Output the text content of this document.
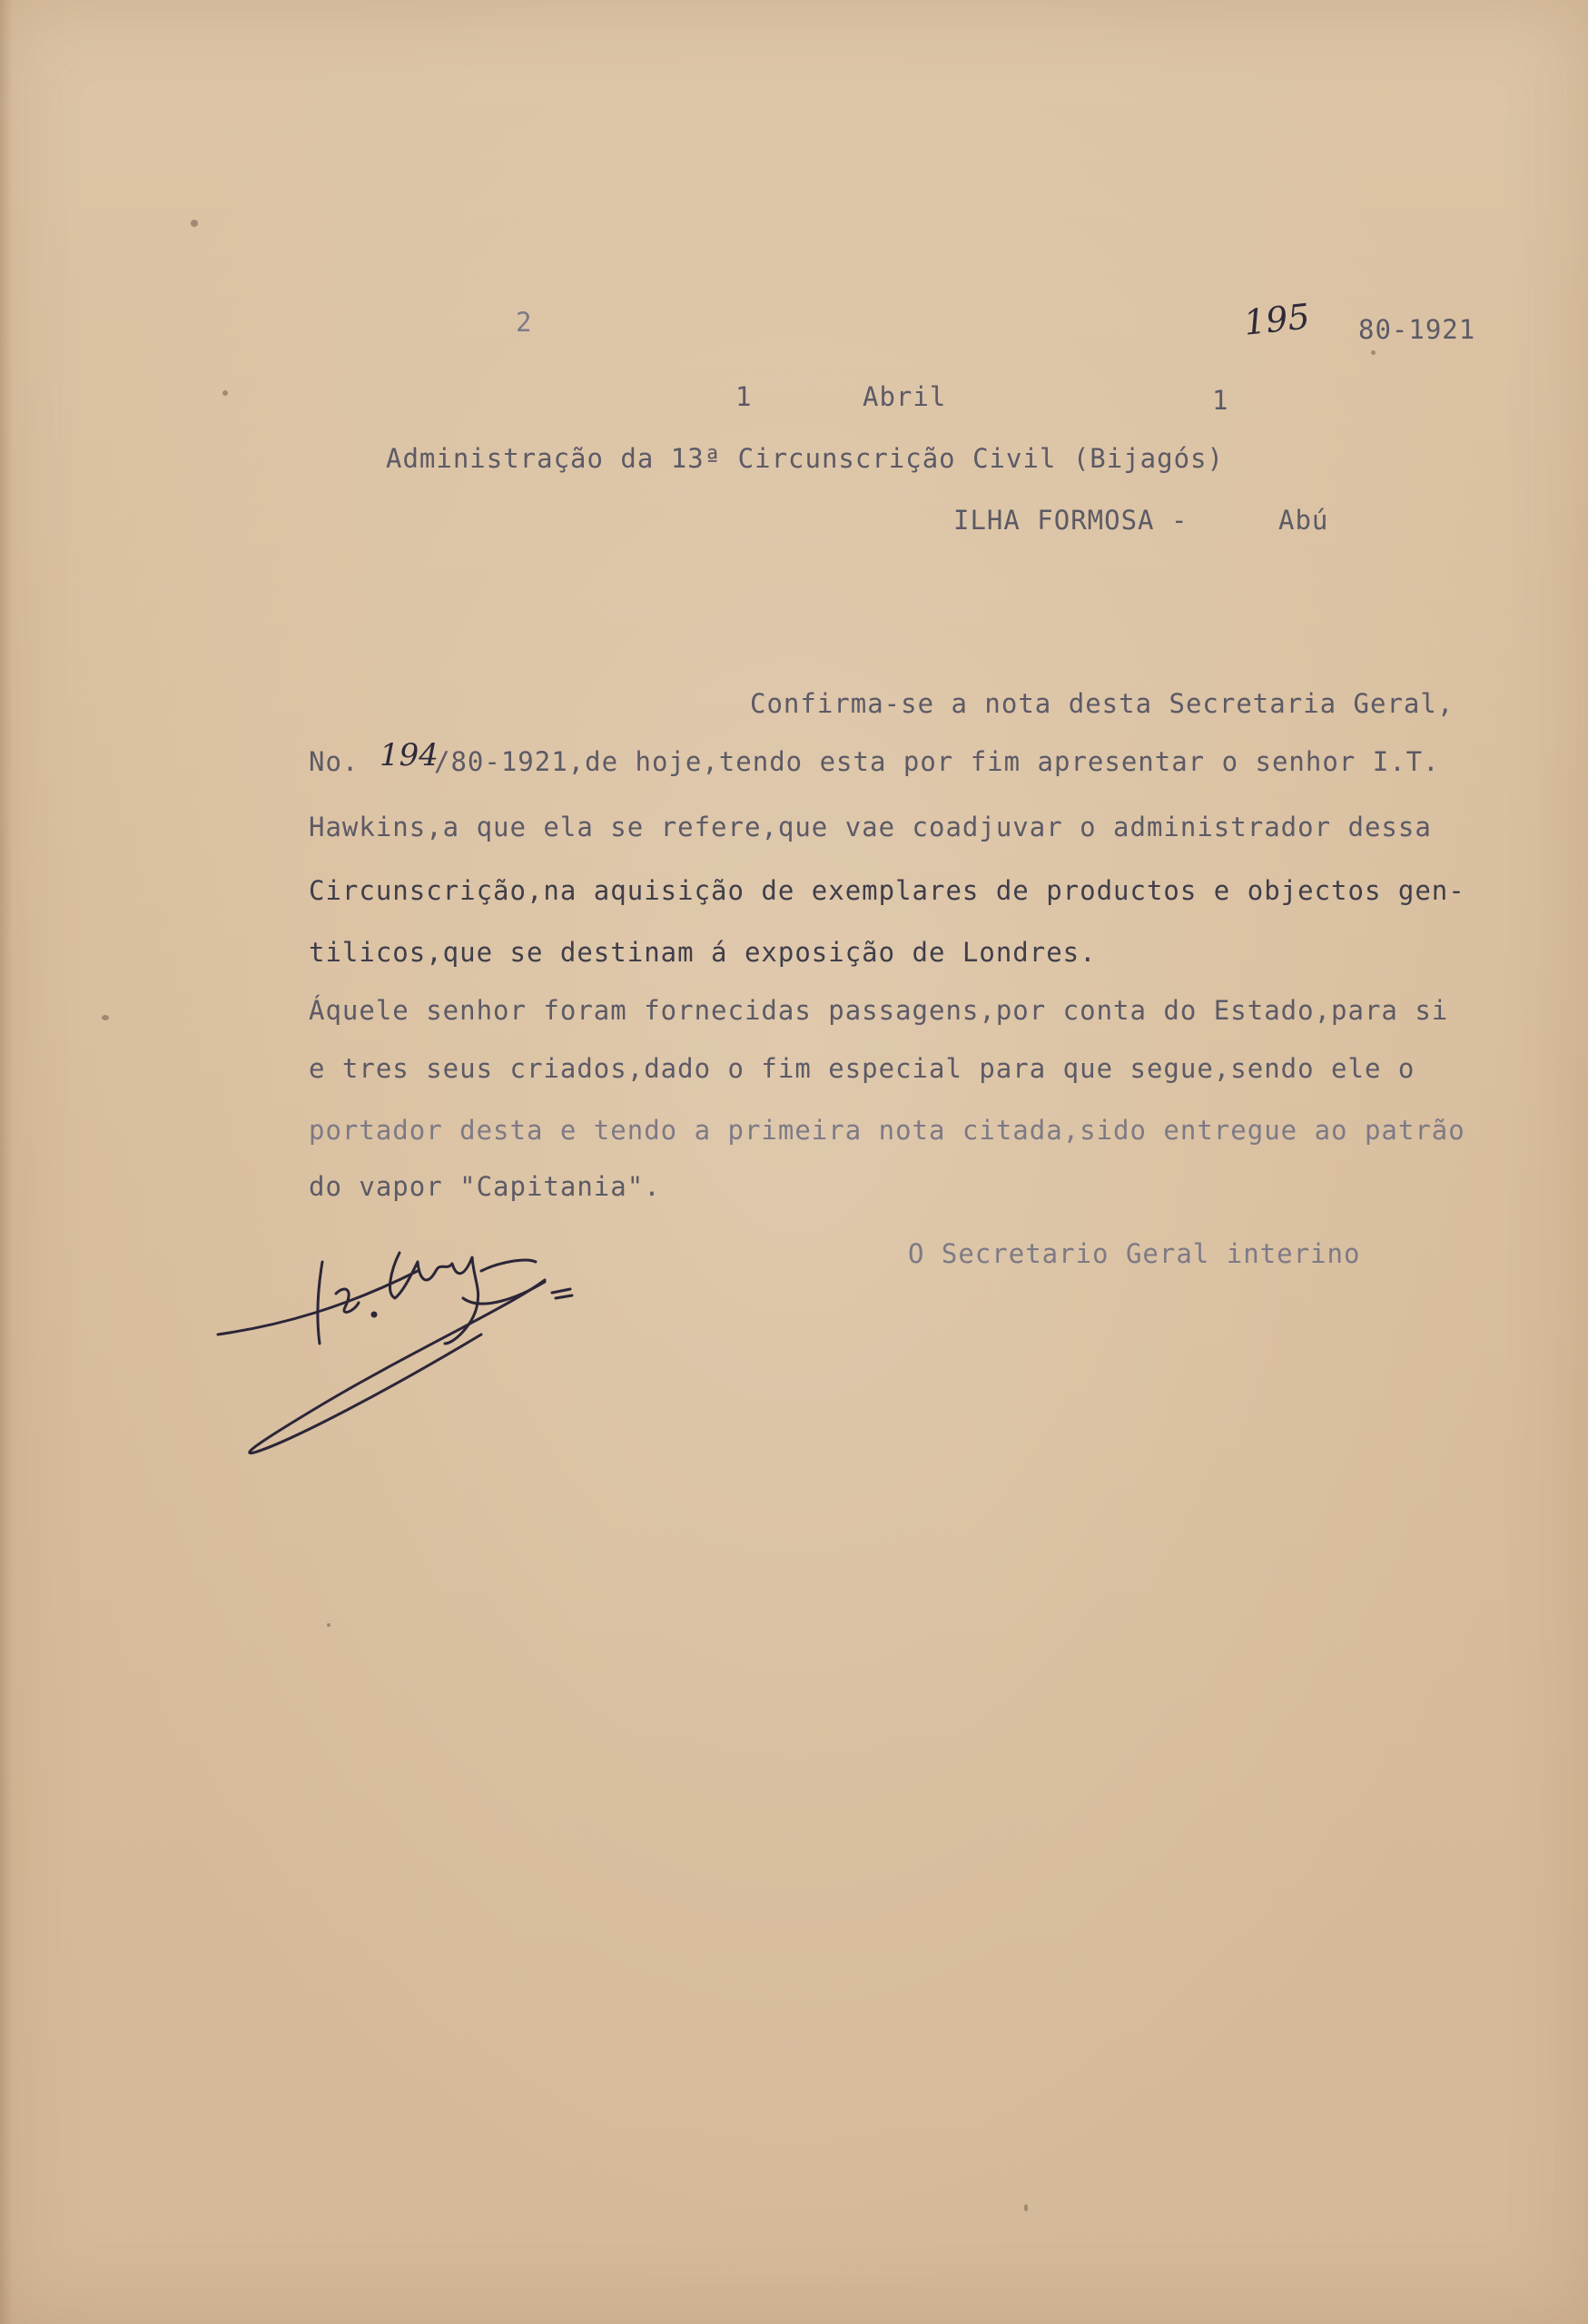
2	195 80-1921
1	Abril	1
Administração da 13ª Circunscrição Civil (Bijagós)
ILHA FORMOSA -	Abú
Confirma-se a nota desta Secretaria Geral,
No. 194
/80-1921,de hoje,tendo esta por fim apresentar o senhor I.T.
Hawkins,a que ela se refere,que vae coadjuvar o administrador dessa
Circunscrição,na aquisição de exemplares de productos e objectos gen-
tilicos,que se destinam á exposição de Londres.
Áquele senhor foram fornecidas passagens,por conta do Estado,para si
e tres seus criados,dado o fim especial para que segue,sendo ele o
portador desta e tendo a primeira nota citada,sido entregue ao patrão
do vapor "Capitania".
O Secretario Geral interino
